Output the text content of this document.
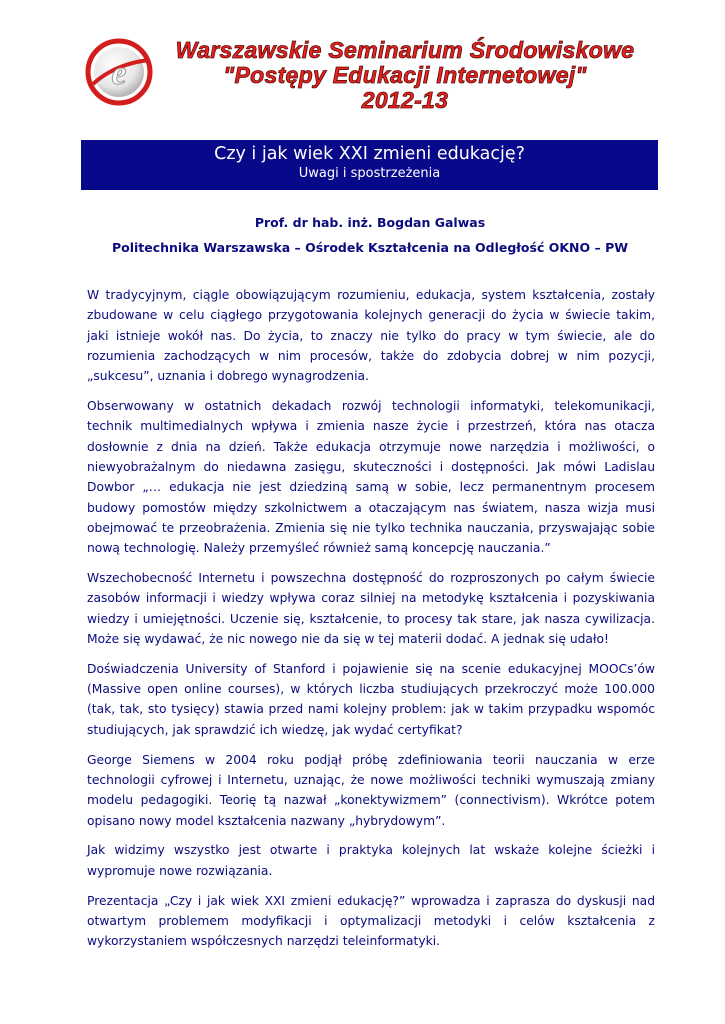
e
Warszawskie Seminarium Środowiskowe
"Postępy Edukacji Internetowej"
2012-13
Czy i jak wiek XXI zmieni edukację?
Uwagi i spostrzeżenia
Prof. dr hab. inż. Bogdan Galwas
Politechnika Warszawska – Ośrodek Kształcenia na Odległość OKNO – PW

W tradycyjnym, ciągle obowiązującym rozumieniu, edukacja, system kształcenia, zostały zbudowane w celu ciągłego przygotowania kolejnych generacji do życia w świecie takim, jaki istnieje wokół nas. Do życia, to znaczy nie tylko do pracy w tym świecie, ale do rozumienia zachodzących w nim procesów, także do zdobycia dobrej w nim pozycji, „sukcesu”, uznania i dobrego wynagrodzenia.

Obserwowany w ostatnich dekadach rozwój technologii informatyki, telekomunikacji, technik multimedialnych wpływa i zmienia nasze życie i przestrzeń, która nas otacza dosłownie z dnia na dzień. Także edukacja otrzymuje nowe narzędzia i możliwości, o niewyobrażalnym do niedawna zasięgu, skuteczności i dostępności. Jak mówi Ladislau Dowbor „… edukacja nie jest dziedziną samą w sobie, lecz permanentnym procesem budowy pomostów między szkolnictwem a otaczającym nas światem, nasza wizja musi obejmować te przeobrażenia. Zmienia się nie tylko technika nauczania, przyswajając sobie nową technologię. Należy przemyśleć również samą koncepcję nauczania.”

Wszechobecność Internetu i powszechna dostępność do rozproszonych po całym świecie zasobów informacji i wiedzy wpływa coraz silniej na metodykę kształcenia i pozyskiwania wiedzy i umiejętności. Uczenie się, kształcenie, to procesy tak stare, jak nasza cywilizacja. Może się wydawać, że nic nowego nie da się w tej materii dodać. A jednak się udało!

Doświadczenia University of Stanford i pojawienie się na scenie edukacyjnej MOOCs’ów (Massive open online courses), w których liczba studiujących przekroczyć może 100.000 (tak, tak, sto tysięcy) stawia przed nami kolejny problem: jak w takim przypadku wspomóc studiujących, jak sprawdzić ich wiedzę, jak wydać certyfikat?

George Siemens w 2004 roku podjął próbę zdefiniowania teorii nauczania w erze technologii cyfrowej i Internetu, uznając, że nowe możliwości techniki wymuszają zmiany modelu pedagogiki. Teorię tą nazwał „konektywizmem” (connectivism). Wkrótce potem opisano nowy model kształcenia nazwany „hybrydowym”.

Jak widzimy wszystko jest otwarte i praktyka kolejnych lat wskaże kolejne ścieżki i wypromuje nowe rozwiązania.

Prezentacja „Czy i jak wiek XXI zmieni edukację?” wprowadza i zaprasza do dyskusji nad otwartym problemem modyfikacji i optymalizacji metodyki i celów kształcenia z wykorzystaniem współczesnych narzędzi teleinformatyki.
